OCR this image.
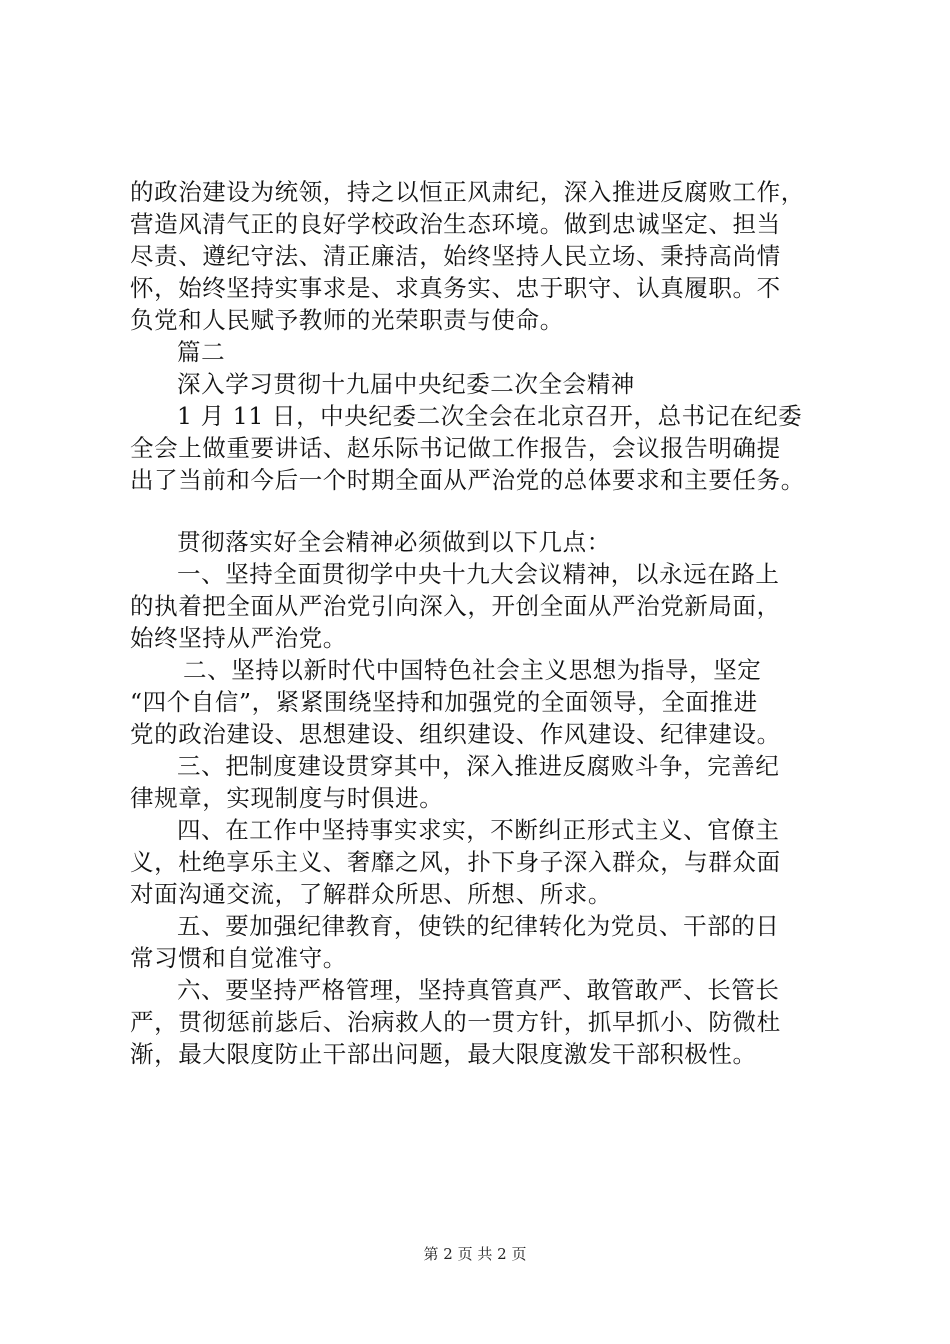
的政治建设为统领，持之以恒正风肃纪，深入推进反腐败工作，
营造风清气正的良好学校政治生态环境。做到忠诚坚定、担当
尽责、遵纪守法、清正廉洁，始终坚持人民立场、秉持高尚情
怀，始终坚持实事求是、求真务实、忠于职守、认真履职。不
负党和人民赋予教师的光荣职责与使命。
篇二
深入学习贯彻十九届中央纪委二次全会精神
1 月 11 日，中央纪委二次全会在北京召开，总书记在纪委
全会上做重要讲话、赵乐际书记做工作报告，会议报告明确提
出了当前和今后一个时期全面从严治党的总体要求和主要任务。
贯彻落实好全会精神必须做到以下几点：
一、坚持全面贯彻学中央十九大会议精神，以永远在路上
的执着把全面从严治党引向深入，开创全面从严治党新局面，
始终坚持从严治党。
二、坚持以新时代中国特色社会主义思想为指导，坚定
“四个自信”，紧紧围绕坚持和加强党的全面领导，全面推进
党的政治建设、思想建设、组织建设、作风建设、纪律建设。
三、把制度建设贯穿其中，深入推进反腐败斗争，完善纪
律规章，实现制度与时俱进。
四、在工作中坚持事实求实，不断纠正形式主义、官僚主
义，杜绝享乐主义、奢靡之风，扑下身子深入群众，与群众面
对面沟通交流，了解群众所思、所想、所求。
五、要加强纪律教育，使铁的纪律转化为党员、干部的日
常习惯和自觉准守。
六、要坚持严格管理，坚持真管真严、敢管敢严、长管长
严，贯彻惩前毖后、治病救人的一贯方针，抓早抓小、防微杜
渐，最大限度防止干部出问题，最大限度激发干部积极性。
第 2 页 共 2 页
